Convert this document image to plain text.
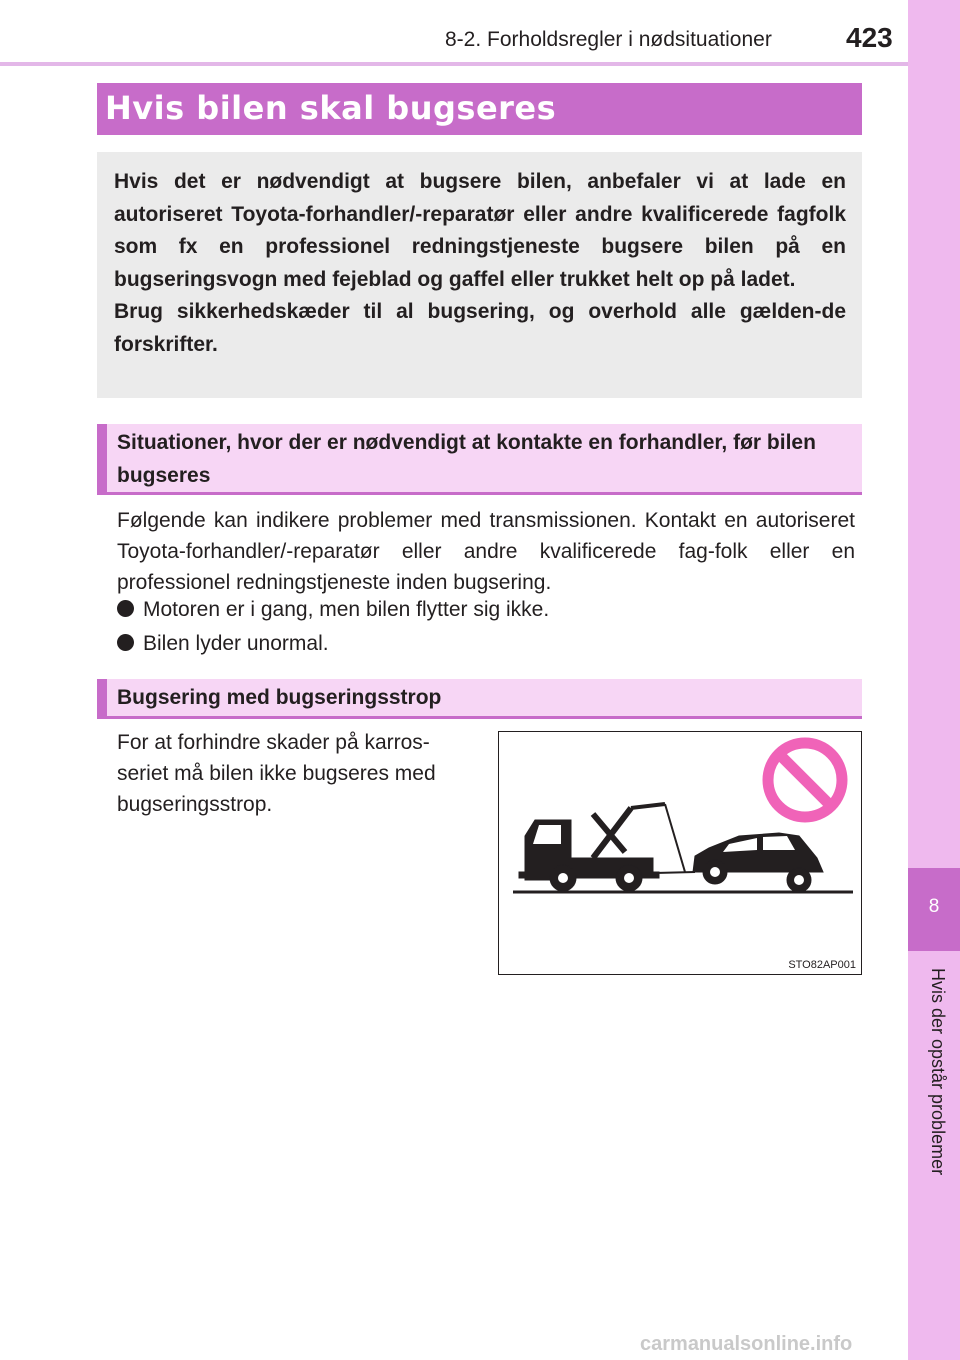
8-2. Forholdsregler i nødsituationer	423
8
Hvis der opstår problemer
Hvis bilen skal bugseres

Hvis det er nødvendigt at bugsere bilen, anbefaler vi at lade en autoriseret Toyota-forhandler/-reparatør eller andre kvalificerede fagfolk som fx en professionel redningstjeneste bugsere bilen på en bugseringsvogn med fejeblad og gaffel eller trukket helt op på ladet.

Brug sikkerhedskæder til al bugsering, og overhold alle gælden-de forskrifter.

Situationer, hvor der er nødvendigt at kontakte en forhandler, før bilen bugseres
Følgende kan indikere problemer med transmissionen. Kontakt en autoriseret Toyota-forhandler/-reparatør eller andre kvalificerede fag-folk eller en professionel redningstjeneste inden bugsering.
Motoren er i gang, men bilen flytter sig ikke.
Bilen lyder unormal.
Bugsering med bugseringsstrop
For at forhindre skader på karros-seriet må bilen ikke bugseres med bugseringsstrop.
STO82AP001
carmanualsonline.info
